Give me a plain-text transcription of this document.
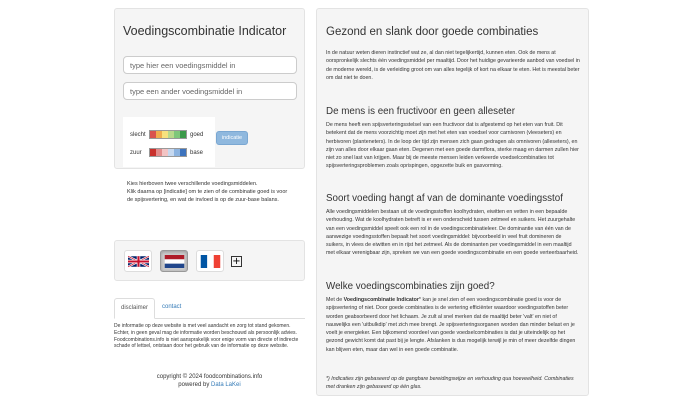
Voedingscombinatie Indicator
type hier een voedingsmiddel in
type een ander voedingsmiddel in
slecht	goed
zuur	base
indicatie
Kies hierboven twee verschillende voedingsmiddelen.
Klik daarna op [indicatie] om te zien of de combinatie goed is voor de spijsvertering, en wat de invloed is op de zuur-base balans.
+
disclaimer	contact
De informatie op deze website is met veel aandacht en zorg tot stand gekomen. Echter, in geen geval mag de informatie worden beschouwd als persoonlijk advies. Foodcombinations.info is niet aansprakelijk voor enige vorm van directe of indirecte schade of lettsel, ontstaan door het gebruik van de informatie op deze website.
copyright © 2024 foodcombinations.info
powered by Data LaKei
Gezond en slank door goede combinaties
In de natuur weten dieren instinctief wat ze, al dan niet tegelijkertijd, kunnen eten. Ook de mens at oorspronkelijk slechts één voedingsmiddel per maaltijd. Door het huidige gevarieerde aanbod van voedsel in de moderne wereld, is de verleiding groot om van alles tegelijk of kort na elkaar te eten. Het is meestal beter om dat niet te doen.
De mens is een fructivoor en geen alleseter
De mens heeft een spijsverteringsstelsel van een fructivoor dat is afgestemd op het eten van fruit. Dit betekent dat de mens voorzichtig moet zijn met het eten van voedsel voor carnivoren (vleeseters) en herbivoren (planteneters). In de loop der tijd zijn mensen zich gaan gedragen als omnivoren (alleseters), en zijn van alles door elkaar gaan eten. Degenen met een goede darmflora, sterke maag en darmen zullen hier niet zo snel last van krijgen. Maar bij de meeste mensen leiden verkeerde voedselcombinaties tot spijsverteringsproblemen zoals oprispingen, opgezette buik en gasvorming.
Soort voeding hangt af van de dominante voedingsstof
Alle voedingsmiddelen bestaan uit de voedingsstoffen koolhydraten, eiwitten en vetten in een bepaalde verhouding. Wat de koolhydraten betreft is er een onderscheid tussen zetmeel en suikers. Het zuurgehalte van een voedingsmiddel speelt ook een rol in de voedingscombinatieleer. De dominantie van één van de aanwezige voedingsstoffen bepaalt het soort voedingsmiddel: bijvoorbeeld in veel fruit domineren de suikers, in vlees de eiwitten en in rijst het zetmeel. Als de dominanten per voedingsmiddel in een maaltijd met elkaar verenigbaar zijn, spreken we van een goede voedingscombinatie en een goede verteerbaarheid.
Welke voedingscombinaties zijn goed?
Met de Voedingscombinatie Indicator* kan je snel zien of een voedingscombinatie goed is voor de spijsvertering of niet. Door goede combinaties is de vertering efficiënter waardoor voedingsstoffen beter worden geabsorbeerd door het lichaam. Je zult al snel merken dat de maaltijd beter 'valt' en niet of nauwelijks een 'uitbulkdip' met zich mee brengt. Je spijsverteringsorganen worden dan minder belast en je voelt je energieker. Een bijkomend voordeel van goede voedselcombinaties is dat je uiteindelijk op het gezond gewicht komt dat past bij je lengte. Afslanken is dus mogelijk terwijl je min of meer dezelfde dingen kan blijven eten, maar dan wel in een goede combinatie.
*) Indicaties zijn gebaseerd op de gangbare bereidingswijze en verhouding qua hoeveelheid. Combinaties met dranken zijn gebaseerd op één glas.
